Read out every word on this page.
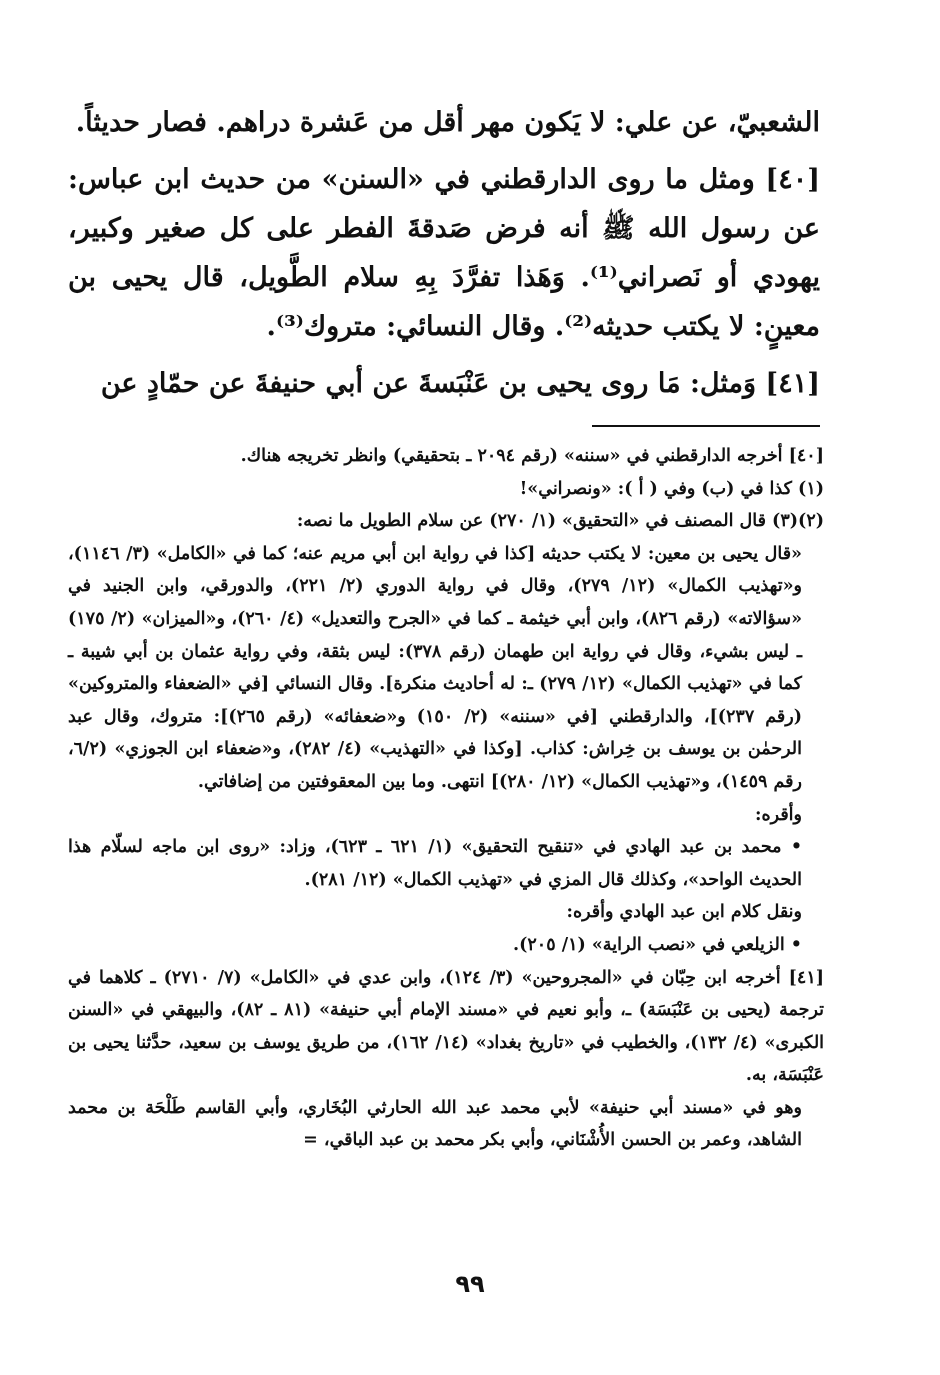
الشعبيّ، عن علي: لا يَكون مهر أقل من عَشرة دراهم. فصار حديثاً.

[٤٠] ومثل ما روى الدارقطني في «السنن» من حديث ابن عباس: عن رسول الله ﷺ أنه فرض صَدقةَ الفطر على كل صغير وكبير، يهودي أو نَصراني⁽¹⁾. وَهَذا تفرَّدَ بِهِ سلام الطَّويل، قال يحيى بن معينٍ: لا يكتب حديثه⁽²⁾. وقال النسائي: متروك⁽³⁾.

[٤١] وَمثل: مَا روى يحيى بن عَنْبَسةَ عن أبي حنيفةَ عن حمّادٍ عن

[٤٠] أخرجه الدارقطني في «سننه» (رقم ٢٠٩٤ ـ بتحقيقي) وانظر تخريجه هناك.

(١) كذا في (ب) وفي ( أ ): «ونصراني»!

(٢)(٣) قال المصنف في «التحقيق» (١/ ٢٧٠) عن سلام الطويل ما نصه:

«قال يحيى بن معين: لا يكتب حديثه [كذا في رواية ابن أبي مريم عنه؛ كما في «الكامل» (٣/ ١١٤٦)، و«تهذيب الكمال» (١٢/ ٢٧٩)، وقال في رواية الدوري (٢/ ٢٢١)، والدورقي، وابن الجنيد في «سؤالاته» (رقم ٨٢٦)، وابن أبي خيثمة ـ كما في «الجرح والتعديل» (٤/ ٢٦٠)، و«الميزان» (٢/ ١٧٥) ـ ليس بشيء، وقال في رواية ابن طهمان (رقم ٣٧٨): ليس بثقة، وفي رواية عثمان بن أبي شيبة ـ كما في «تهذيب الكمال» (١٢/ ٢٧٩) ـ: له أحاديث منكرة]. وقال النسائي [في «الضعفاء والمتروكين» (رقم ٢٣٧)]، والدارقطني [في «سننه» (٢/ ١٥٠) و«ضعفائه» (رقم ٢٦٥)]: متروك، وقال عبد الرحمٰن بن يوسف بن خِراش: كذاب. [وكذا في «التهذيب» (٤/ ٢٨٢)، و«ضعفاء ابن الجوزي» (٦/٢، رقم ١٤٥٩)، و«تهذيب الكمال» (١٢/ ٢٨٠)] انتهى. وما بين المعقوفتين من إضافاتي.

وأقره:

• محمد بن عبد الهادي في «تنقيح التحقيق» (١/ ٦٢١ ـ ٦٢٣)، وزاد: «روى ابن ماجه لسلّام هذا الحديث الواحد»، وكذلك قال المزي في «تهذيب الكمال» (١٢/ ٢٨١).

ونقل كلام ابن عبد الهادي وأقره:

• الزيلعي في «نصب الراية» (١/ ٢٠٥).

[٤١] أخرجه ابن حِبّان في «المجروحين» (٣/ ١٢٤)، وابن عدي في «الكامل» (٧/ ٢٧١٠) ـ كلاهما في ترجمة (يحيى بن عَنْبَسَة) ـ، وأبو نعيم في «مسند الإمام أبي حنيفة» (٨١ ـ ٨٢)، والبيهقي في «السنن الكبرى» (٤/ ١٣٢)، والخطيب في «تاريخ بغداد» (١٤/ ١٦٢)، من طريق يوسف بن سعيد، حدَّثنا يحيى بن عَنْبَسَة، به.

وهو في «مسند أبي حنيفة» لأبي محمد عبد الله الحارثي البُخَاري، وأبي القاسم طَلْحَة بن محمد الشاهد، وعمر بن الحسن الأُشْنَاني، وأبي بكر محمد بن عبد الباقي، =

٩٩
